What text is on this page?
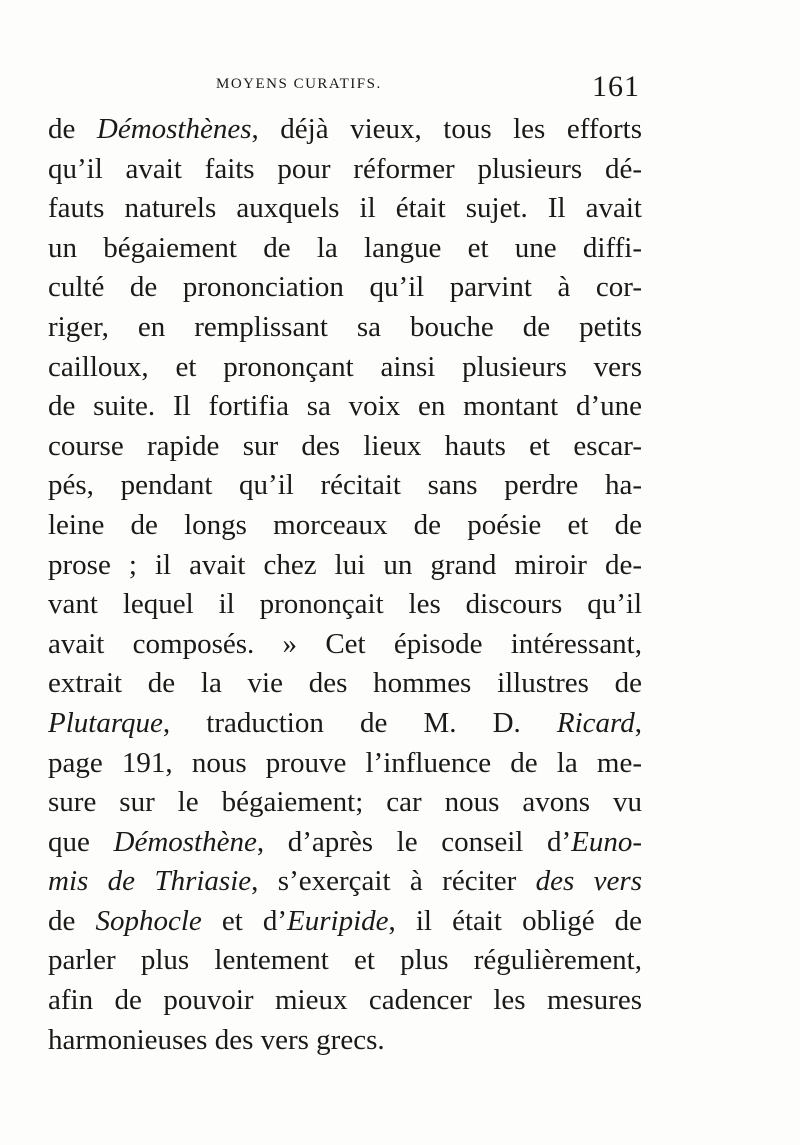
MOYENS CURATIFS.	161
de Démosthènes, déjà vieux, tous les efforts
qu’il avait faits pour réformer plusieurs dé-
fauts naturels auxquels il était sujet. Il avait
un bégaiement de la langue et une diffi-
culté de prononciation qu’il parvint à cor-
riger, en remplissant sa bouche de petits
cailloux, et prononçant ainsi plusieurs vers
de suite. Il fortifia sa voix en montant d’une
course rapide sur des lieux hauts et escar-
pés, pendant qu’il récitait sans perdre ha-
leine de longs morceaux de poésie et de
prose ; il avait chez lui un grand miroir de-
vant lequel il prononçait les discours qu’il
avait composés. » Cet épisode intéressant,
extrait de la vie des hommes illustres de
Plutarque, traduction de M. D. Ricard,
page 191, nous prouve l’influence de la me-
sure sur le bégaiement; car nous avons vu
que Démosthène, d’après le conseil d’Euno-
mis de Thriasie, s’exerçait à réciter des vers
de Sophocle et d’Euripide, il était obligé de
parler plus lentement et plus régulièrement,
afin de pouvoir mieux cadencer les mesures
harmonieuses des vers grecs.
